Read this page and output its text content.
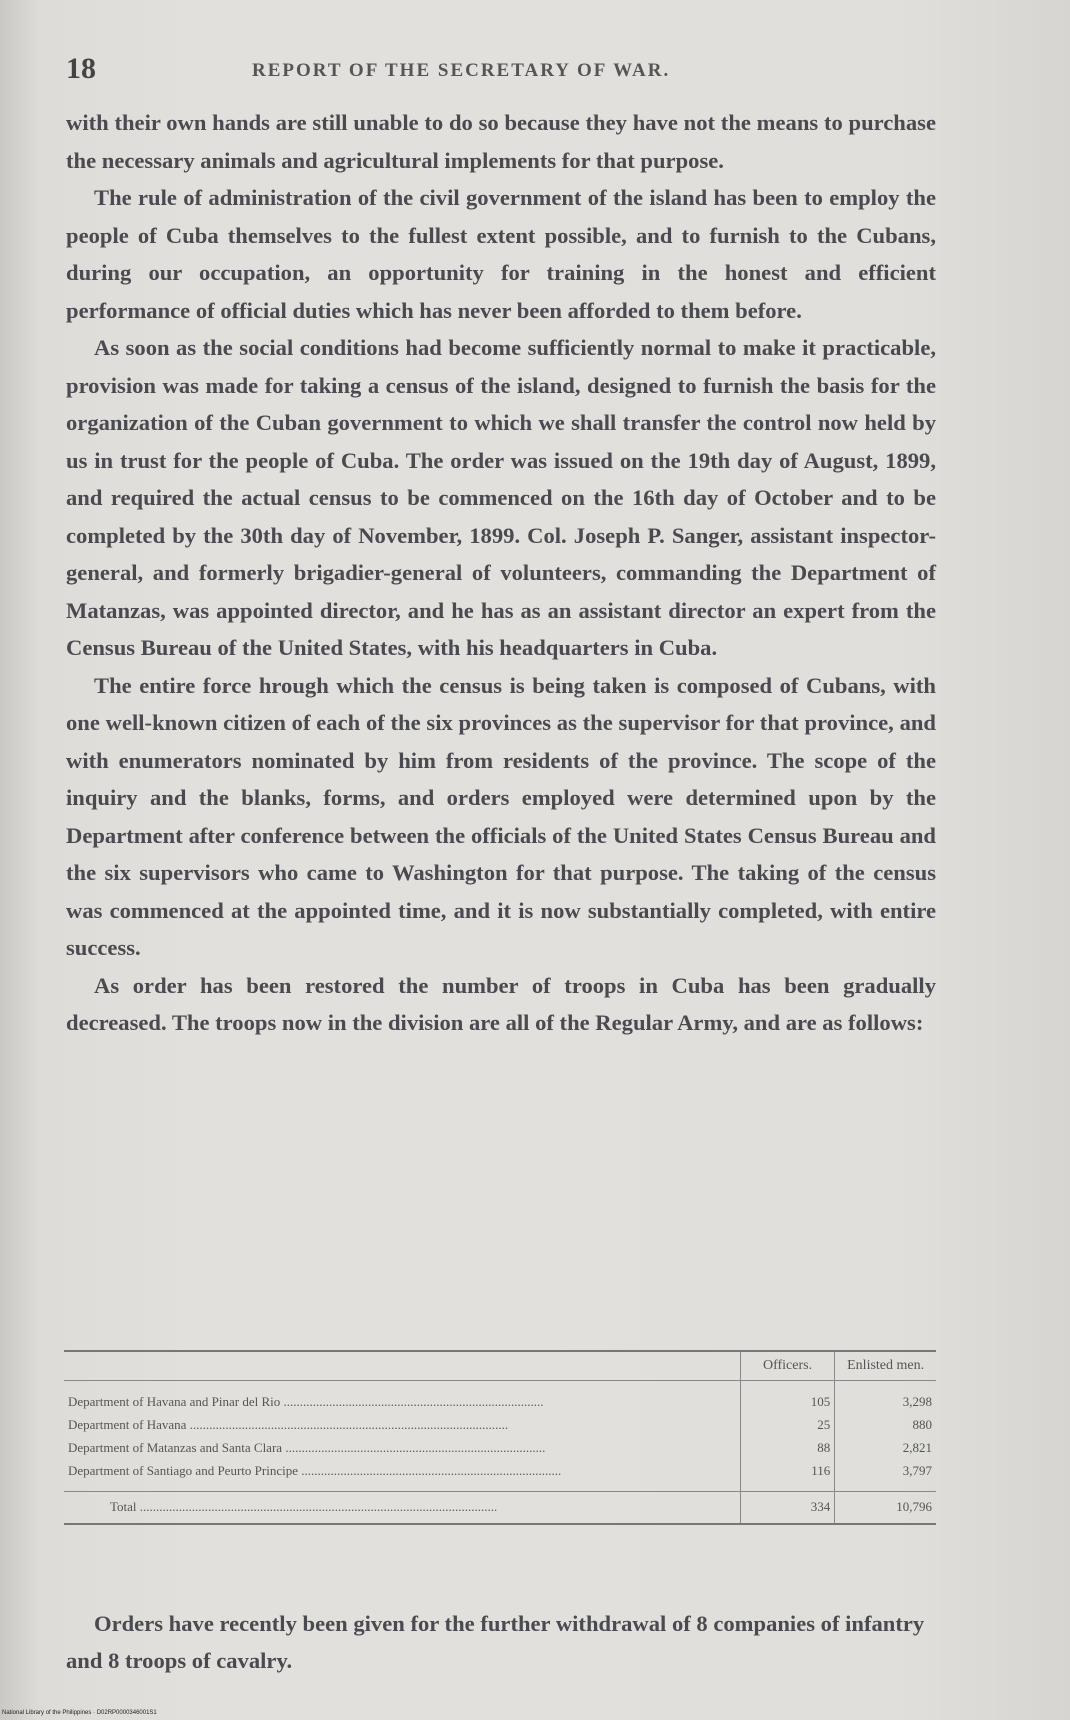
18	REPORT OF THE SECRETARY OF WAR.

with their own hands are still unable to do so because they have not the means to purchase the necessary animals and agricultural implements for that purpose.

The rule of administration of the civil government of the island has been to employ the people of Cuba themselves to the fullest extent possible, and to furnish to the Cubans, during our occupation, an opportunity for training in the honest and efficient performance of official duties which has never been afforded to them before.

As soon as the social conditions had become sufficiently normal to make it practicable, provision was made for taking a census of the island, designed to furnish the basis for the organization of the Cuban government to which we shall transfer the control now held by us in trust for the people of Cuba. The order was issued on the 19th day of August, 1899, and required the actual census to be commenced on the 16th day of October and to be completed by the 30th day of November, 1899. Col. Joseph P. Sanger, assistant inspector-general, and formerly brigadier-general of volunteers, commanding the Department of Matanzas, was appointed director, and he has as an assistant director an expert from the Census Bureau of the United States, with his headquarters in Cuba.

The entire force hrough which the census is being taken is composed of Cubans, with one well-known citizen of each of the six provinces as the supervisor for that province, and with enumerators nominated by him from residents of the province. The scope of the inquiry and the blanks, forms, and orders employed were determined upon by the Department after conference between the officials of the United States Census Bureau and the six supervisors who came to Washington for that purpose. The taking of the census was commenced at the appointed time, and it is now substantially completed, with entire success.

As order has been restored the number of troops in Cuba has been gradually decreased. The troops now in the division are all of the Regular Army, and are as follows:

	Officers.	Enlisted men.
Department of Havana and Pinar del Rio ................................................................................	105	3,298
Department of Havana ..................................................................................................	25	880
Department of Matanzas and Santa Clara ................................................................................	88	2,821
Department of Santiago and Peurto Principe ................................................................................	116	3,797
Total ..............................................................................................................	334	10,796

Orders have recently been given for the further withdrawal of 8 companies of infantry and 8 troops of cavalry.

National Library of the Philippines · D02RP0000346001S1
